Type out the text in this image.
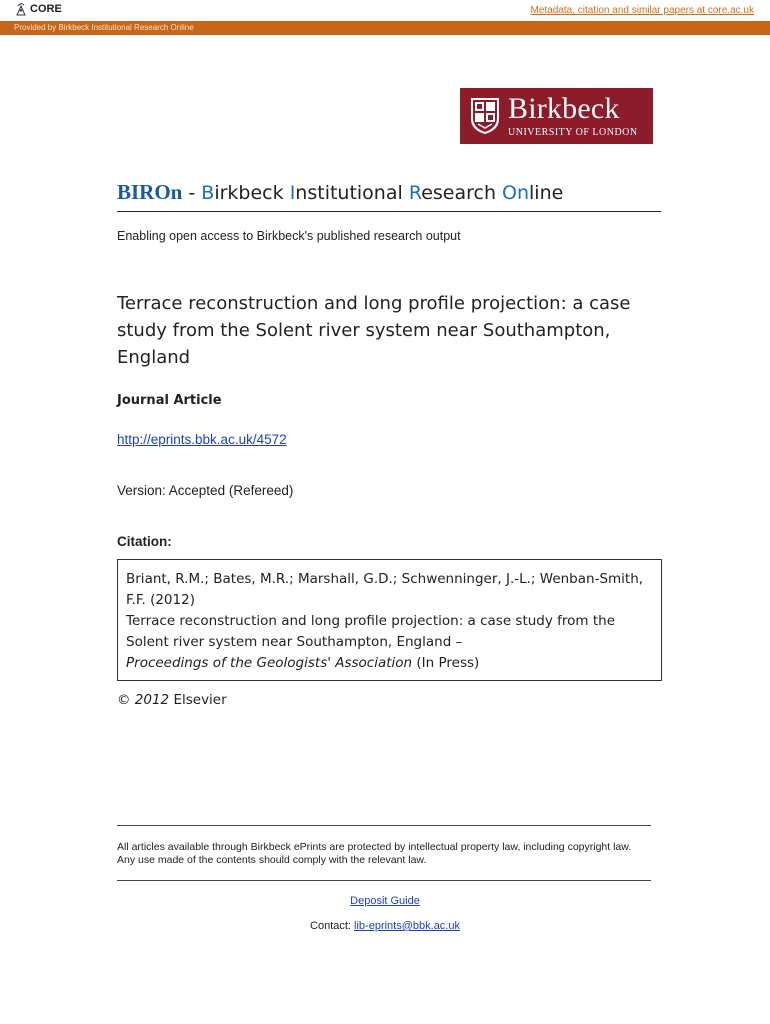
CORE	Metadata, citation and similar papers at core.ac.uk
Provided by Birkbeck Institutional Research Online
Birkbeck
UNIVERSITY OF LONDON
BIROn - Birkbeck Institutional Research Online
Enabling open access to Birkbeck's published research output
Terrace reconstruction and long profile projection: a case study from the Solent river system near Southampton, England
Journal Article
http://eprints.bbk.ac.uk/4572
Version: Accepted (Refereed)
Citation:
Briant, R.M.; Bates, M.R.; Marshall, G.D.; Schwenninger, J.-L.; Wenban-Smith, F.F. (2012)
Terrace reconstruction and long profile projection: a case study from the Solent river system near Southampton, England –
Proceedings of the Geologists' Association (In Press)
© 2012 Elsevier
All articles available through Birkbeck ePrints are protected by intellectual property law, including copyright law. Any use made of the contents should comply with the relevant law.
Deposit Guide
Contact: lib-eprints@bbk.ac.uk
